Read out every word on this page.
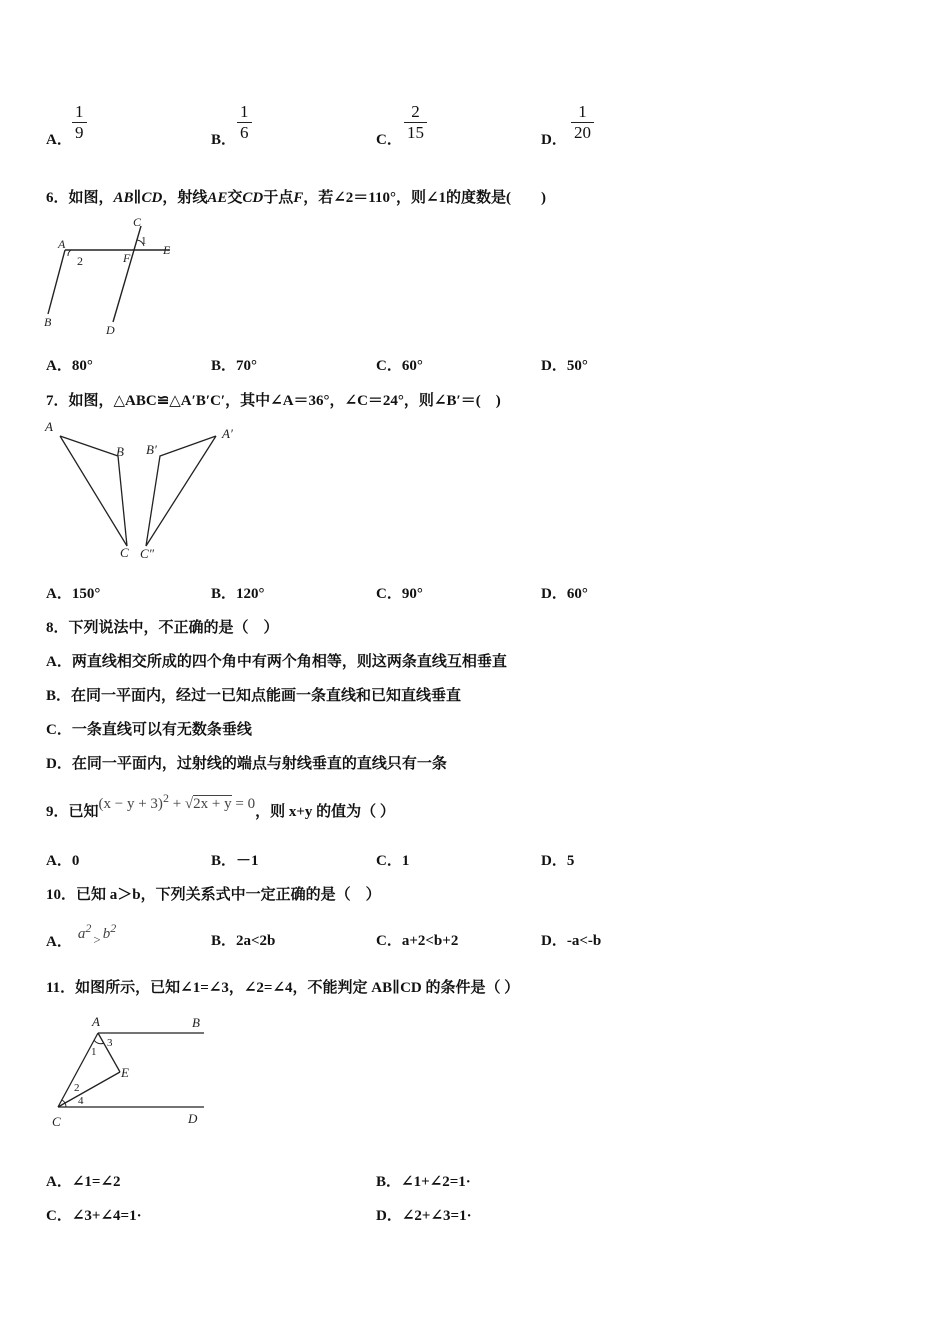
A．
1
9	B．
1
6	C．
2
15	D．
1
20
6．如图，AB∥CD，射线AE交CD于点F，若∠2＝110°，则∠1的度数是(　　)
A
B
C
D
E
F
1
2
A．80°	B．70°	C．60°	D．50°
7．如图，△ABC≌△A′B′C′，其中∠A＝36°，∠C＝24°，则∠B′＝(　)
A
B
C
A′
B′
C″
A．150°	B．120°	C．90°	D．60°
8．下列说法中，不正确的是（　）
A．两直线相交所成的四个角中有两个角相等，则这两条直线互相垂直
B．在同一平面内，经过一已知点能画一条直线和已知直线垂直
C．一条直线可以有无数条垂线
D．在同一平面内，过射线的端点与射线垂直的直线只有一条
9．已知$(x - y + 3)^2 + √2x + y = 0$，则 x+y 的值为（ ）
A．0	B．－1	C．1	D．5
10．已知 a＞b，下列关系式中一定正确的是（　）
A． $a^2> b^2$
B．2a<2b	C．a+2<b+2	D．-a<-b
11．如图所示，已知∠1=∠3，∠2=∠4，不能判定 AB∥CD 的条件是（ ）
A	B
C	D
E
1
2
3
4
A．∠1=∠2	B．∠1+∠2=1·
C．∠3+∠4=1·	D．∠2+∠3=1·
